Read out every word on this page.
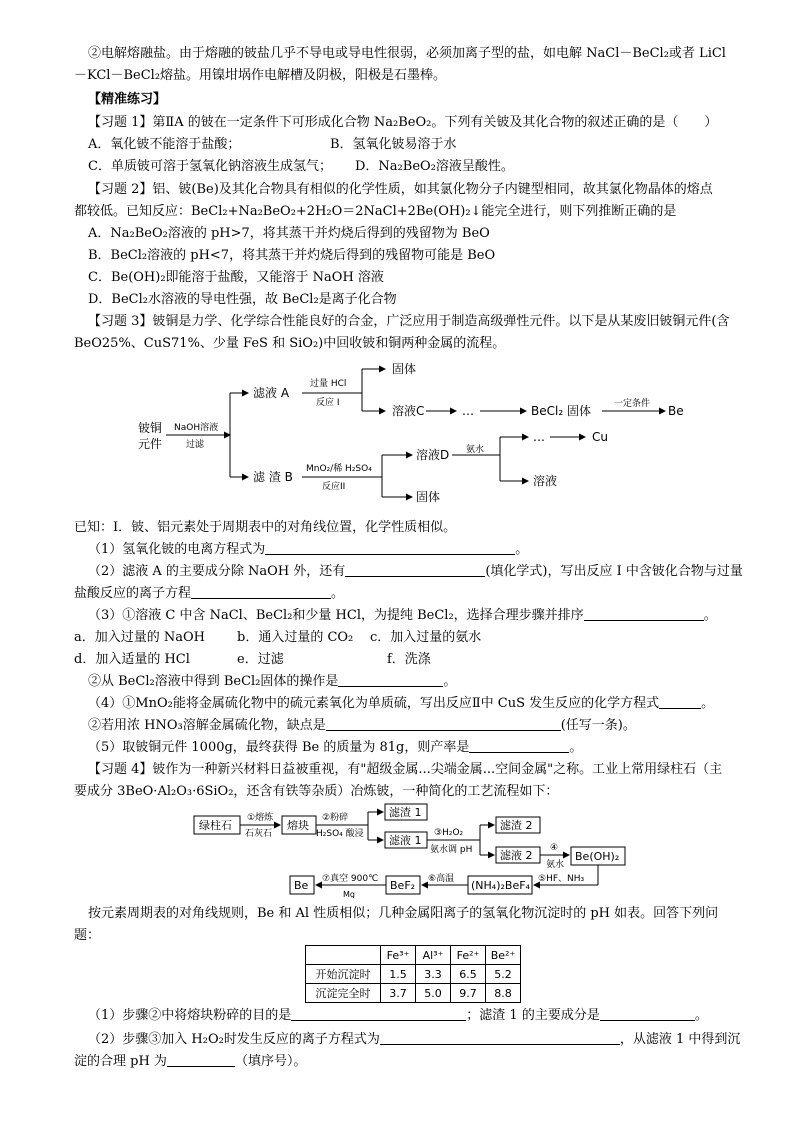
②电解熔融盐。由于熔融的铍盐几乎不导电或导电性很弱，必须加离子型的盐，如电解 NaCl－BeCl₂或者 LiCl
－KCl－BeCl₂熔盐。用镍坩埚作电解槽及阴极，阳极是石墨棒。
【精准练习】
【习题 1】第ⅡA 的铍在一定条件下可形成化合物 Na₂BeO₂。下列有关铍及其化合物的叙述正确的是（　　）
A．氧化铍不能溶于盐酸；	B．氢氧化铍易溶于水
C．单质铍可溶于氢氧化钠溶液生成氢气； D．Na₂BeO₂溶液呈酸性。
【习题 2】铝、铍(Be)及其化合物具有相似的化学性质，如其氯化物分子内键型相同，故其氯化物晶体的熔点
都较低。已知反应：BeCl₂+Na₂BeO₂+2H₂O＝2NaCl+2Be(OH)₂↓能完全进行，则下列推断正确的是
A．Na₂BeO₂溶液的 pH>7，将其蒸干并灼烧后得到的残留物为 BeO
B．BeCl₂溶液的 pH<7，将其蒸干并灼烧后得到的残留物可能是 BeO
C．Be(OH)₂即能溶于盐酸，又能溶于 NaOH 溶液
D．BeCl₂水溶液的导电性强，故 BeCl₂是离子化合物
【习题 3】铍铜是力学、化学综合性能良好的合金，广泛应用于制造高级弹性元件。以下是从某废旧铍铜元件(含
BeO25%、CuS71%、少量 FeS 和 SiO₂)中回收铍和铜两种金属的流程。
铍铜
元件
NaOH溶液
过滤
滤液 A
滤 渣 B
过量 HCl
反应 I
固体
溶液C	…	BeCl₂ 固体	一定条件 Be
MnO₂/稀 H₂SO₄
反应II
溶液D 氨水
…	Cu
溶液
固体
已知：I．铍、铝元素处于周期表中的对角线位置，化学性质相似。
（1）氢氧化铍的电离方程式为	。
（2）滤液 A 的主要成分除 NaOH 外，还有	(填化学式)，写出反应 I 中含铍化合物与过量
盐酸反应的离子方程	。
（3）①溶液 C 中含 NaCl、BeCl₂和少量 HCl，为提纯 BeCl₂，选择合理步骤并排序	。
a．加入过量的 NaOH b．通入过量的 CO₂ c．加入过量的氨水
d．加入适量的 HCl	e．过滤	f．洗涤
②从 BeCl₂溶液中得到 BeCl₂固体的操作是	。
（4）①MnO₂能将金属硫化物中的硫元素氧化为单质硫，写出反应Ⅱ中 CuS 发生反应的化学方程式	。
②若用浓 HNO₃溶解金属硫化物，缺点是	(任写一条)。
（5）取铍铜元件 1000g，最终获得 Be 的质量为 81g，则产率是	。
【习题 4】铍作为一种新兴材料日益被重视，有"超级金属...尖端金属...空间金属"之称。工业上常用绿柱石（主
要成分 3BeO·Al₂O₃·6SiO₂，还含有铁等杂质）冶炼铍，一种简化的工艺流程如下：
绿柱石
①熔炼
石灰石
熔块
②粉碎
H₂SO₄ 酸浸
滤渣 1
滤液 1
③H₂O₂
氨水调 pH
滤渣 2
滤液 2
④
氨水
Be(OH)₂
⑤HF、NH₃
(NH₄)₂BeF₄
⑥高温
BeF₂
⑦真空 900℃
Mg
Be
按元素周期表的对角线规则，Be 和 Al 性质相似；几种金属阳离子的氢氧化物沉淀时的 pH 如表。回答下列问
题：
	Fe³⁺	Al³⁺	Fe²⁺	Be²⁺
开始沉淀时	1.5	3.3	6.5	5.2
沉淀完全时	3.7	5.0	9.7	8.8
（1）步骤②中将熔块粉碎的目的是	；滤渣 1 的主要成分是	。
（2）步骤③加入 H₂O₂时发生反应的离子方程式为	，从滤液 1 中得到沉
淀的合理 pH 为	（填序号）。
